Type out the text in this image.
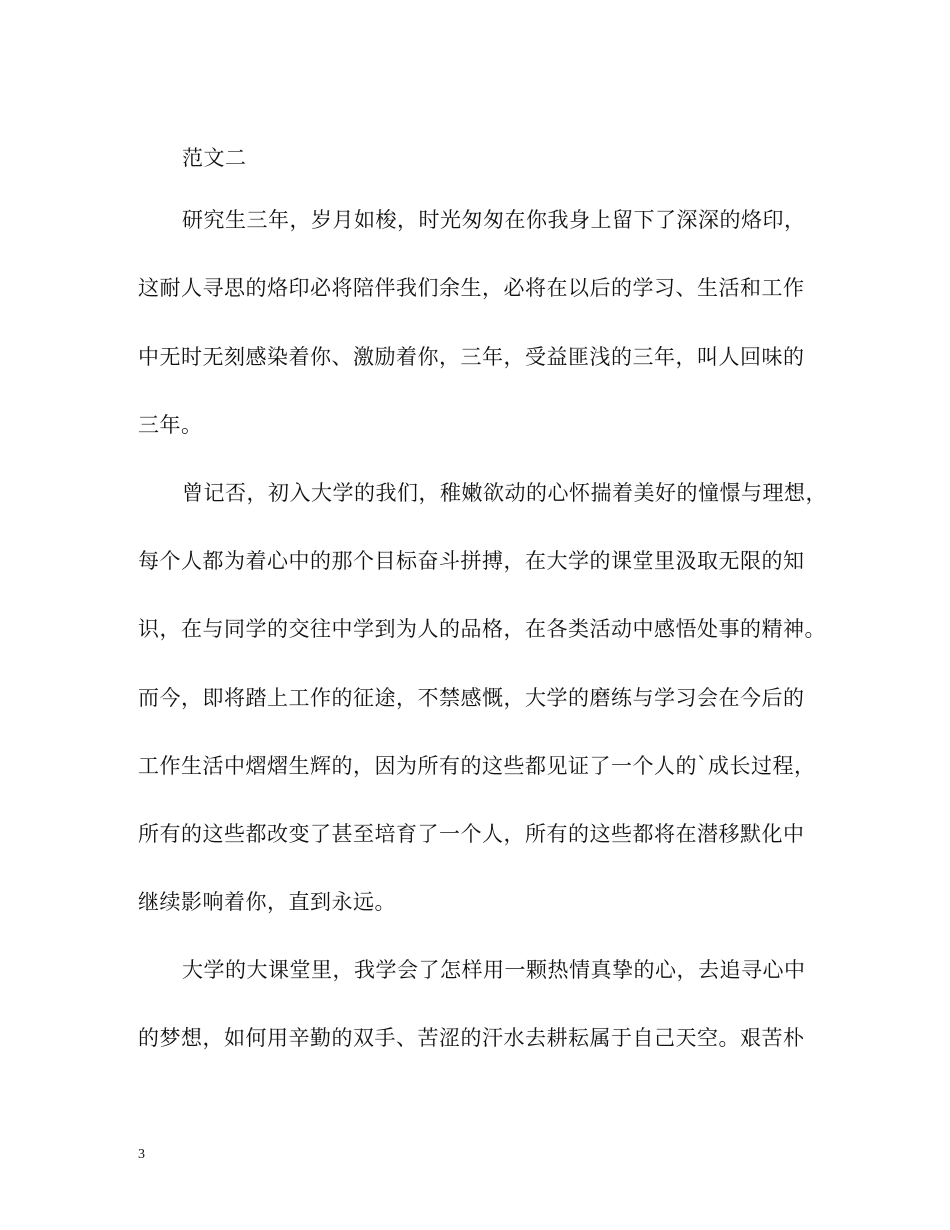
范文二
研究生三年，岁月如梭，时光匆匆在你我身上留下了深深的烙印，
这耐人寻思的烙印必将陪伴我们余生，必将在以后的学习、生活和工作
中无时无刻感染着你、激励着你，三年，受益匪浅的三年，叫人回味的
三年。
曾记否，初入大学的我们，稚嫩欲动的心怀揣着美好的憧憬与理想，
每个人都为着心中的那个目标奋斗拼搏，在大学的课堂里汲取无限的知
识，在与同学的交往中学到为人的品格，在各类活动中感悟处事的精神。
而今，即将踏上工作的征途，不禁感慨，大学的磨练与学习会在今后的
工作生活中熠熠生辉的，因为所有的这些都见证了一个人的`成长过程，
所有的这些都改变了甚至培育了一个人，所有的这些都将在潜移默化中
继续影响着你，直到永远。
大学的大课堂里，我学会了怎样用一颗热情真挚的心，去追寻心中
的梦想，如何用辛勤的双手、苦涩的汗水去耕耘属于自己天空。艰苦朴
3
